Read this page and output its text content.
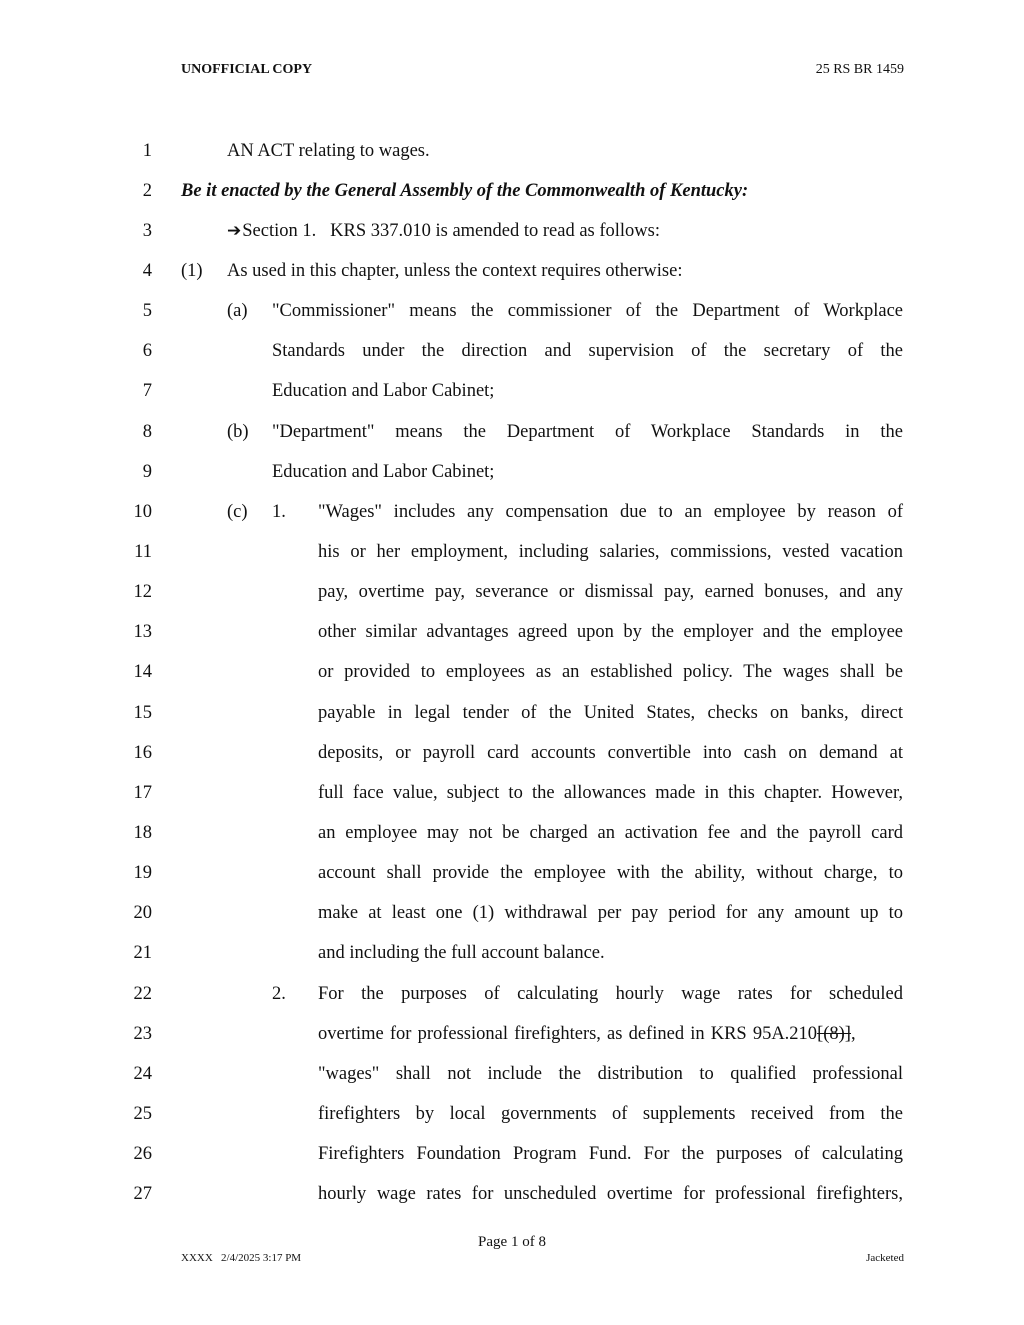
UNOFFICIAL COPY	25 RS BR 1459
1	AN ACT relating to wages.
2 Be it enacted by the General Assembly of the Commonwealth of Kentucky:
3	➔Section 1.   KRS 337.010 is amended to read as follows:
4 (1) As used in this chapter, unless the context requires otherwise:
5	(a) "Commissioner" means the commissioner of the Department of Workplace
6	Standards under the direction and supervision of the secretary of the
7	Education and Labor Cabinet;
8	(b) "Department" means the Department of Workplace Standards in the
9	Education and Labor Cabinet;
10	(c) 1. "Wages" includes any compensation due to an employee by reason of
11	his or her employment, including salaries, commissions, vested vacation
12	pay, overtime pay, severance or dismissal pay, earned bonuses, and any
13	other similar advantages agreed upon by the employer and the employee
14	or provided to employees as an established policy. The wages shall be
15	payable in legal tender of the United States, checks on banks, direct
16	deposits, or payroll card accounts convertible into cash on demand at
17	full face value, subject to the allowances made in this chapter. However,
18	an employee may not be charged an activation fee and the payroll card
19	account shall provide the employee with the ability, without charge, to
20	make at least one (1) withdrawal per pay period for any amount up to
21	and including the full account balance.
22	2. For the purposes of calculating hourly wage rates for scheduled
23	overtime for professional firefighters, as defined in KRS 95A.210[(8)],
24	"wages" shall not include the distribution to qualified professional
25	firefighters by local governments of supplements received from the
26	Firefighters Foundation Program Fund. For the purposes of calculating
27	hourly wage rates for unscheduled overtime for professional firefighters,
Page 1 of 8
XXXX   2/4/2025 3:17 PM	Jacketed
